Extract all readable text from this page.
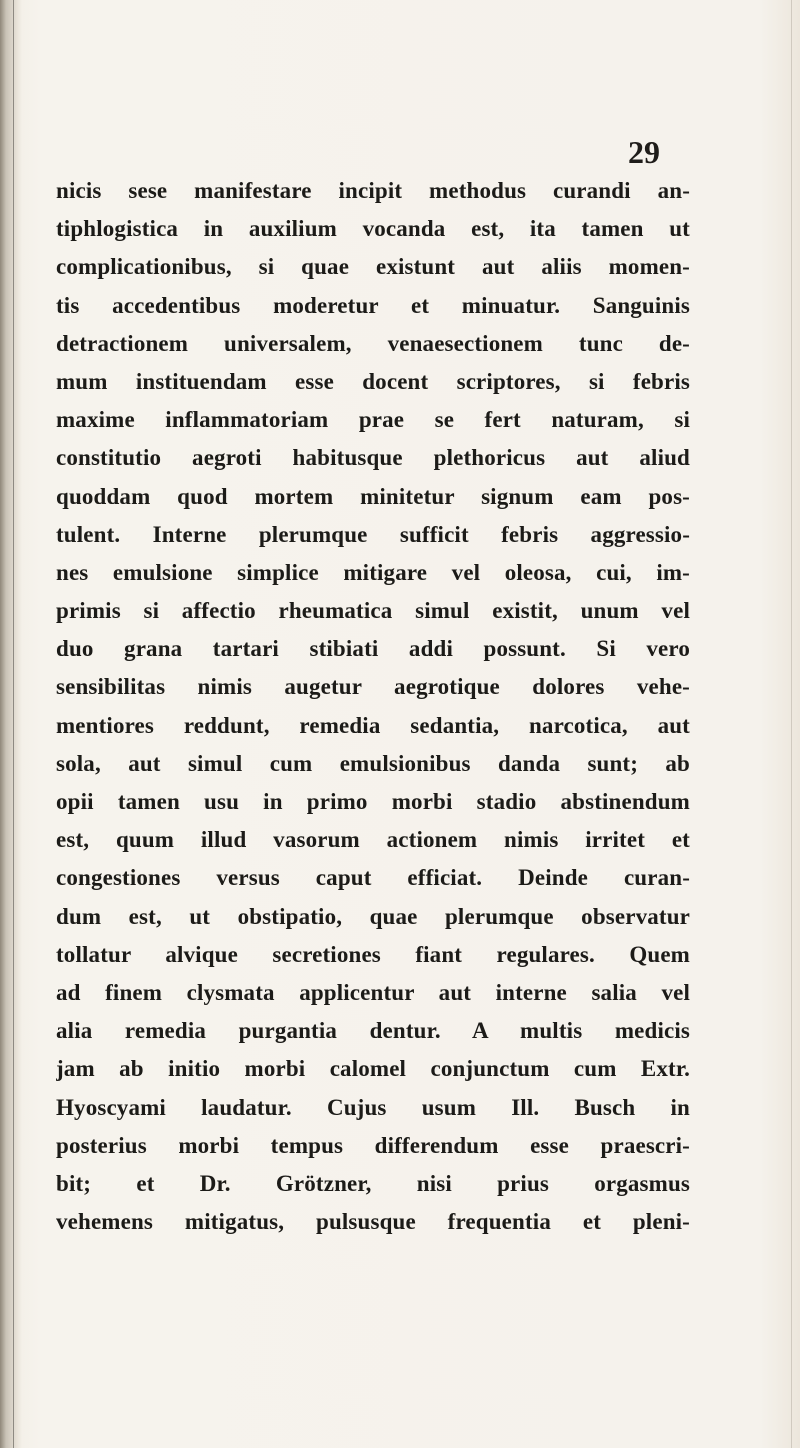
29
nicis sese manifestare incipit methodus curandi an-
tiphlogistica in auxilium vocanda est, ita tamen ut
complicationibus, si quae existunt aut aliis momen-
tis accedentibus moderetur et minuatur. Sanguinis
detractionem universalem, venaesectionem tunc de-
mum instituendam esse docent scriptores, si febris
maxime inflammatoriam prae se fert naturam, si
constitutio aegroti habitusque plethoricus aut aliud
quoddam quod mortem minitetur signum eam pos-
tulent. Interne plerumque sufficit febris aggressio-
nes emulsione simplice mitigare vel oleosa, cui, im-
primis si affectio rheumatica simul existit, unum vel
duo grana tartari stibiati addi possunt. Si vero
sensibilitas nimis augetur aegrotique dolores vehe-
mentiores reddunt, remedia sedantia, narcotica, aut
sola, aut simul cum emulsionibus danda sunt; ab
opii tamen usu in primo morbi stadio abstinendum
est, quum illud vasorum actionem nimis irritet et
congestiones versus caput efficiat. Deinde curan-
dum est, ut obstipatio, quae plerumque observatur
tollatur alvique secretiones fiant regulares. Quem
ad finem clysmata applicentur aut interne salia vel
alia remedia purgantia dentur. A multis medicis
jam ab initio morbi calomel conjunctum cum Extr.
Hyoscyami laudatur. Cujus usum Ill. Busch in
posterius morbi tempus differendum esse praescri-
bit; et Dr. Grötzner, nisi prius orgasmus
vehemens mitigatus, pulsusque frequentia et pleni-
